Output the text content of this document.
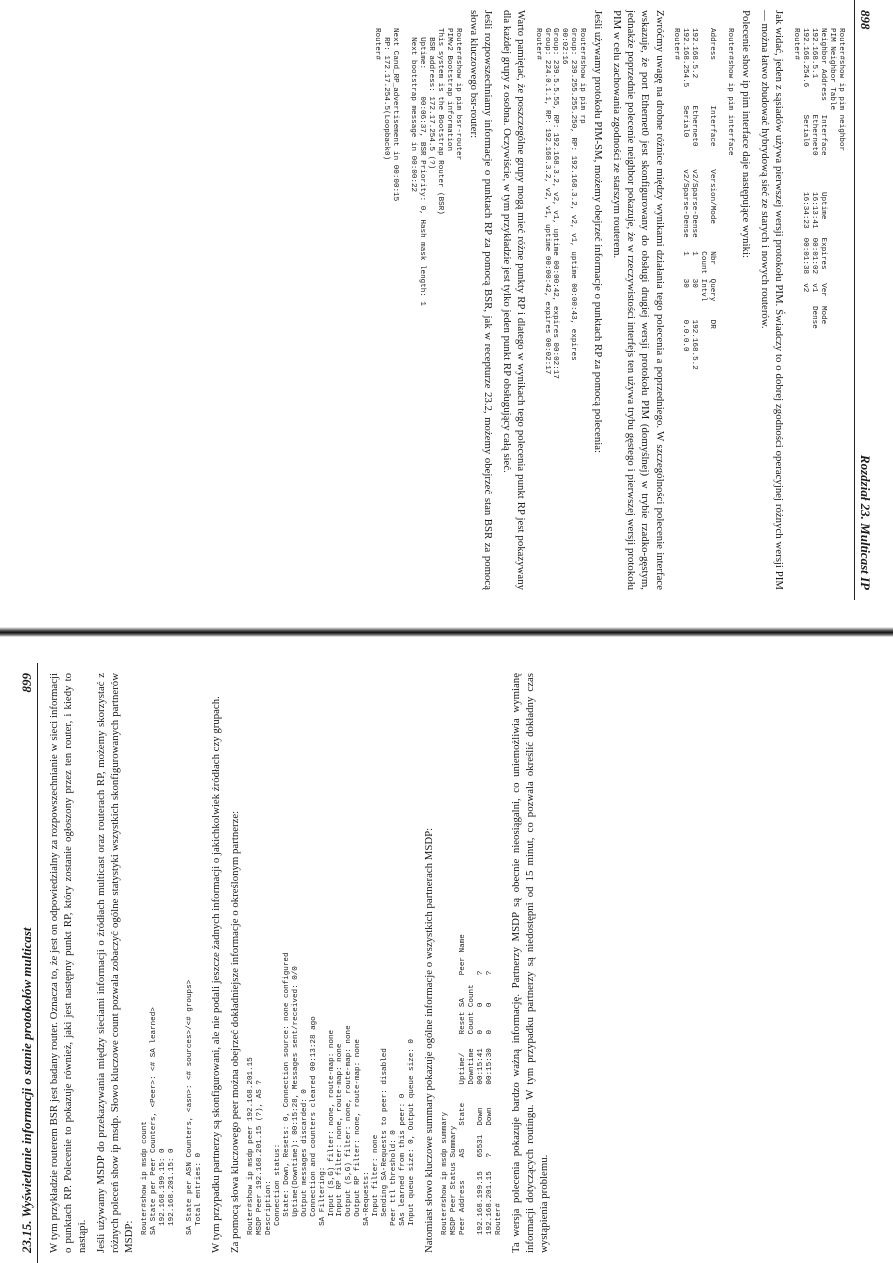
898
Rozdział 23. Multicast IP
Router#show ip pim neighbor
PIM Neighbor Table
Neighbor Address   Interface        Uptime    Expires   Ver  Mode
192.168.5.1        Ethernet0        16:13:41  00:01:02  v1   Dense
192.168.254.6      Serial0          16:34:23  00:01:38  v2
Router#

Jak widać, jeden z sąsiadów używa pierwszej wersji protokołu PIM. Świadczy to o dobrej zgodności operacyjnej różnych wersji PIM — można łatwo zbudować hybrydową sieć ze starych i nowych routerów.

Polecenie show ip pim interface daje następujące wyniki:

Router#show ip pim interface

Address          Interface     Version/Mode      Nbr   Query    DR
Count Intvl
192.168.5.2      Ethernet0     v2/Sparse-Dense   1     30       192.168.5.2
192.168.254.5    Serial0       v2/Sparse-Dense   1     30       0.0.0.0
Router#

Zwróćmy uwagę na drobne różnice między wynikami działania tego polecenia a poprzedniego. W szczególności polecenie interface wskazuje, że port Ethernet0 jest skonfigurowany do obsługi drugiej wersji protokołu PIM (domyślnej) w trybie rzadko-gęstym, jednakże poprzednie polecenie neighbor pokazuje, że w rzeczywistości interfejs ten używa trybu gęstego i pierwszej wersji protokołu PIM w celu zachowania zgodności ze starszym routerem.

Jeśli używamy protokołu PIM-SM, możemy obejrzeć informacje o punktach RP za pomocą polecenia:

Router#show ip pim rp
Group: 239.255.255.250, RP: 192.168.3.2, v2, v1, uptime 00:00:43, expires
00:02:16
Group: 239.5.5.55, RP: 192.168.3.2, v2, v1, uptime 00:00:42, expires 00:02:17
Group: 224.0.1.1, RP: 192.168.3.2, v2, v1, uptime 00:00:42, expires 00:02:17
Router#

Warto pamiętać, że poszczególne grupy mogą mieć różne punkty RP i dlatego w wynikach tego polecenia punkt RP jest pokazywany dla każdej grupy z osobna. Oczywiście, w tym przykładzie jest tylko jeden punkt RP obsługujący całą sieć.

Jeśli rozpowszechniamy informacje o punktach RP za pomocą BSR, jak w recepturze 23.2, możemy obejrzeć stan BSR za pomocą słowa kluczowego bsr-router:

Router#show ip pim bsr-router
PIMv2 Bootstrap information
This system is the Bootstrap Router (BSR)
BSR address: 172.17.254.5 (?)
Uptime:      00:06:37, BSR Priority: 0, Hash mask length: 1
Next bootstrap message in 00:00:22

Next Cand_RP_advertisement in 00:00:15
RP: 172.17.254.5(Loopback0)
Router#
23.15. Wyświetlanie informacji o stanie protokołów multicast
899 W tym przykładzie routerem BSR jest badany router. Oznacza to, że jest on odpowiedzialny za rozpowszechnianie w sieci informacji o punktach RP. Polecenie to pokazuje również, jaki jest następny punkt RP, który zostanie ogłoszony przez ten router, i kiedy to nastąpi. Jeśli używamy MSDP do przekazywania między sieciami informacji o źródłach multicast oraz routerach RP, możemy skorzystać z różnych poleceń show ip msdp. Słowo kluczowe count pozwala zobaczyć ogólne statystyki wszystkich skonfigurowanych partnerów MSDP:

Router#show ip msdp count
SA State per Peer Counters, <Peer>: <# SA learned>
192.168.199.15: 0
192.168.201.15: 0

SA State per ASN Counters, <asn>: <# sources>/<# groups>
Total entries: 0 W tym przypadku partnerzy są skonfigurowani, ale nie podali jeszcze żadnych informacji o jakichkolwiek źródłach czy grupach. Za pomocą słowa kluczowego peer można obejrzeć dokładniejsze informacje o określonym partnerze: Router#show ip msdp peer 192.168.201.15
MSDP Peer 192.168.201.15 (?), AS ?
Description:
Connection status:
State: Down, Resets: 0, Connection source: none configured
Uptime(Downtime): 00:15:28, Messages sent/received: 0/0
Output messages discarded: 0
Connection and counters cleared 00:13:28 ago
SA Filtering:
Input (S,G) filter: none, route-map: none
Input RP filter: none, route-map: none
Output (S,G) filter: none, route-map: none
Output RP filter: none, route-map: none
SA-Requests:
Input filter: none
Sending SA-Requests to peer: disabled
Peer ttl threshold: 0
SAs learned from this peer: 0
Input queue size: 0, Output queue size: 0 Natomiast słowo kluczowe summary pokazuje ogólne informacje o wszystkich partnerach MSDP: Router#show ip msdp summary
MSDP Peer Status Summary
Peer Address     AS     State    Uptime/    Reset SA     Peer Name
Downtime   Count Count
192.168.199.15   65531  Down     00:15:41   0     0      ?
192.168.201.15   ?      Down     00:15:30   0     0      ?
Router# Ta wersja polecenia pokazuje bardzo ważną informację. Partnerzy MSDP są obecnie nieosiągalni, co uniemożliwia wymianę informacji dotyczących routingu. W tym przypadku partnerzy są niedostępni od 15 minut, co pozwala określić dokładny czas wystąpienia problemu.
